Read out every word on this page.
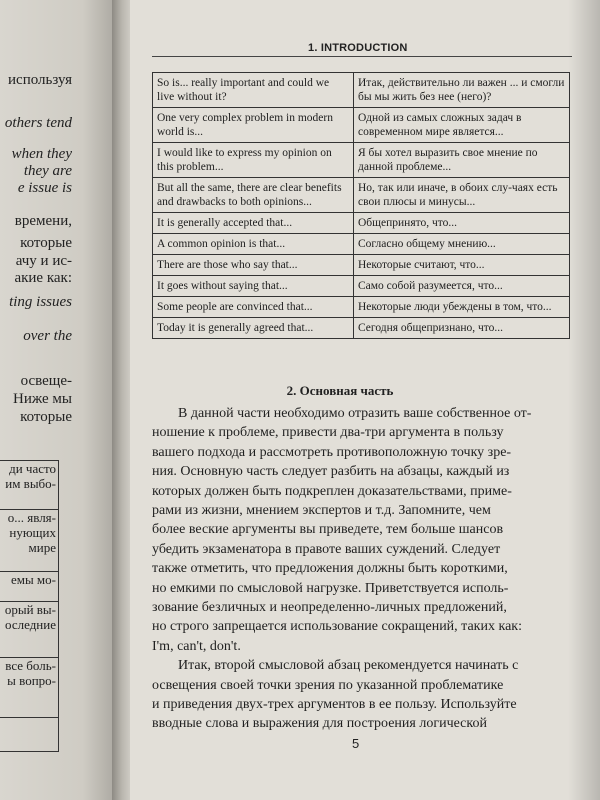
используя
others tend
when they
they are
e issue is
времени,
которые
ачу и ис-
акие как:
ting issues
over the
освеще-
Ниже мы
которые
ди часто
им выбо-
о... явля-
нующих
мире
емы мо-
орый вы-
оследние
все боль-
ы вопро-
1. INTRODUCTION
So is... really important and could we live without it?	Итак, действительно ли важен ... и смогли бы мы жить без нее (него)?
One very complex problem in modern world is...	Одной из самых сложных задач в современном мире является...
I would like to express my opinion on this problem...	Я бы хотел выразить свое мнение по данной проблеме...
But all the same, there are clear benefits and drawbacks to both opinions...	Но, так или иначе, в обоих слу-чаях есть свои плюсы и минусы...
It is generally accepted that...	Общепринято, что...
A common opinion is that...	Согласно общему мнению...
There are those who say that...	Некоторые считают, что...
It goes without saying that...	Само собой разумеется, что...
Some people are convinced that...	Некоторые люди убеждены в том, что...
Today it is generally agreed that...	Сегодня общепризнано, что...
2. Основная часть
В данной части необходимо отразить ваше собственное от-
ношение к проблеме, привести два-три аргумента в пользу
вашего подхода и рассмотреть противоположную точку зре-
ния. Основную часть следует разбить на абзацы, каждый из
которых должен быть подкреплен доказательствами, приме-
рами из жизни, мнением экспертов и т.д. Запомните, чем
более веские аргументы вы приведете, тем больше шансов
убедить экзаменатора в правоте ваших суждений. Следует
также отметить, что предложения должны быть короткими,
но емкими по смысловой нагрузке. Приветствуется исполь-
зование безличных и неопределенно-личных предложений,
но строго запрещается использование сокращений, таких как:
I'm, can't, don't.
Итак, второй смысловой абзац рекомендуется начинать с
освещения своей точки зрения по указанной проблематике
и приведения двух-трех аргументов в ее пользу. Используйте
вводные слова и выражения для построения логической
5
